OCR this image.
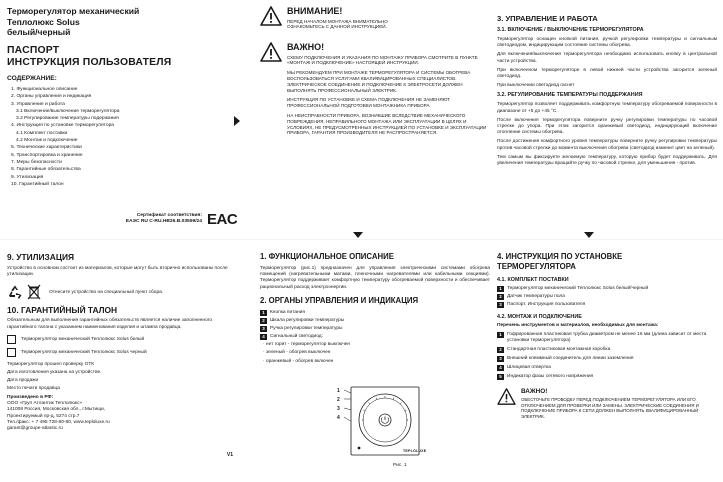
Терморегулятор механический
Теплолюкс Solus
белый/черный
ПАСПОРТ
ИНСТРУКЦИЯ ПОЛЬЗОВАТЕЛЯ
СОДЕРЖАНИЕ:
1. Функциональное описание
2. Органы управления и индикация
3. Управление и работа
3.1 Включение/выключение терморегулятора
3.2 Регулирование температуры подержания
4. Инструкция по установке терморегулятора
4.1 Комплект поставки
4.2 Монтаж и подключение
5. Технические характеристики
6. Транспортировка и хранение
7. Меры безопасности
8. Гарантийные обязательства
9. Утилизация
10. Гарантийный талон
Сертификат соответствия:
ЕАЭС RU C-RU.НВ26.В.03559/24 EAC
ВНИМАНИЕ!
ПЕРЕД НАЧАЛОМ МОНТАЖА ВНИМАТЕЛЬНО ОЗНАКОМЬТЕСЬ С ДАННОЙ ИНСТРУКЦИЕЙ.
ВАЖНО!
СХЕМУ ПОДКЛЮЧЕНИЯ И УКАЗАНИЯ ПО МОНТАЖУ ПРИБОРА СМОТРИТЕ В ПУНКТЕ «МОНТАЖ И ПОДКЛЮЧЕНИЕ» НАСТОЯЩЕЙ ИНСТРУКЦИИ.
МЫ РЕКОМЕНДУЕМ ПРИ МОНТАЖЕ ТЕРМОРЕГУЛЯТОРА И СИСТЕМЫ ОБОГРЕВА ВОСПОЛЬЗОВАТЬСЯ УСЛУГАМИ КВАЛИФИЦИРОВАННЫХ СПЕЦИАЛИСТОВ. ЭЛЕКТРИЧЕСКОЕ СОЕДИНЕНИЕ И ПОДКЛЮЧЕНИЕ К ЭЛЕКТРОСЕТИ ДОЛЖЕН ВЫПОЛНЯТЬ ПРОФЕССИОНАЛЬНЫЙ ЭЛЕКТРИК.
ИНСТРУКЦИЯ ПО УСТАНОВКЕ И СХЕМА ПОДКЛЮЧЕНИЯ НЕ ЗАМЕНЯЮТ ПРОФЕССИОНАЛЬНОЙ ПОДГОТОВКИ МОНТАЖНИКА ПРИБОРА.
НА НЕИСПРАВНОСТИ ПРИБОРА, ВОЗНИКШИЕ ВСЛЕДСТВИЕ МЕХАНИЧЕСКОГО ПОВРЕЖДЕНИЯ, НЕПРАВИЛЬНОГО МОНТАЖА ИЛИ ЭКСПЛУАТАЦИИ В ЦЕЛЯХ И УСЛОВИЯХ, НЕ ПРЕДУСМОТРЕННЫХ ИНСТРУКЦИЕЙ ПО УСТАНОВКЕ И ЭКСПЛУАТАЦИИ ПРИБОРА, ГАРАНТИЯ ПРОИЗВОДИТЕЛЯ НЕ РАСПРОСТРАНЯЕТСЯ.
3. УПРАВЛЕНИЕ И РАБОТА
3.1. ВКЛЮЧЕНИЕ / ВЫКЛЮЧЕНИЕ ТЕРМОРЕГУЛЯТОРА
Терморегулятор оснащен кнопкой питания, ручкой регулировки температуры и сигнальным светодиодом, индицирующим состояние системы обогрева.
Для включения/выключения терморегулятора необходимо использовать кнопку в центральной части устройства.
При включенном терморегуляторе в левой нижней части устройства загорится зеленый светодиод.
При выключении светодиод гаснет
3.2. РЕГУЛИРОВАНИЕ ТЕМПЕРАТУРЫ ПОДДЕРЖАНИЯ
Терморегулятор позволяет поддерживать комфортную температуру обогреваемой поверхности в диапазоне от +5 до +45 °С.
После включения терморегулятора поверните ручку регулировки температуры по часовой стрелке до упора. При этом загорится оранжевый светодиод, индицирующий включение отопление системы обогрева.
После достижения комфортного уровня температуры поверните ручку регулировки температуры против часовой стрелки до момента выключения обогрева (светодиод изменит цвет на зеленый).
Тем самым вы фиксируете желаемую температуру, которую прибор будет поддерживать. Для увеличения температуры вращайте ручку по часовой стрелке, для уменьшения - против.
9. УТИЛИЗАЦИЯ
Устройство в основном состоит из материалов, которые могут быть вторично использованы после утилизации.
Отнесите устройство на специальный пункт сбора.
10. ГАРАНТИЙНЫЙ ТАЛОН
Обязательным для выполнения гарантийных обязательств является наличие заполненного гарантийного талона с указанием наименования изделия и штампа продавца.
Терморегулятор механический Теплолюкс Solus белый
Терморегулятор механический Теплолюкс Solus черный
Терморегулятор прошел проверку ОТК
Дата изготовления указана на устройстве.
Дата продажи
Место печати продавца
Произведено в РФ:
ООО «Груп Атлантик Теплолюкс»
141008 Россия, Московская обл., г.Мытищи,
Проектируемый пр-д, 5274 стр.7
Тел./факс: + 7 495 728-80-80, www.teploluxe.ru
garant@groupe-atlantic.ru
V1
1. ФУНКЦИОНАЛЬНОЕ ОПИСАНИЕ
Терморегулятор (рис.1) предназначен для управления электрическими системами обогрева помещений (нагревательными матами, пленочными нагревателями или кабельными секциями). Терморегулятор поддерживает комфортную температуру обогреваемой поверхности и обеспечивает рациональный расход электроэнергии.
2. ОРГАНЫ УПРАВЛЕНИЯ И ИНДИКАЦИЯ
1	Кнопка питания
2	Шкала регулировки температуры
3	Ручка регулировки температуры
4	Сигнальный светодиод:
· нет горит - терморегулятор выключен
· зеленый - обогрев выключен
· оранжевый - обогрев включен
1
2
3
4
TEPLOLUXE
Рис. 1
4. ИНСТРУКЦИЯ ПО УСТАНОВКЕ
ТЕРМОРЕГУЛЯТОРА
4.1. КОМПЛЕКТ ПОСТАВКИ
1	Терморегулятор механический Теплолюкс Solus белый/черный
2	Датчик температуры пола
3	Паспорт. Инструкция пользователя
4.2. МОНТАЖ И ПОДКЛЮЧЕНИЕ
Перечень инструментов и материалов, необходимых для монтажа:
1	Гофрированная пластиковая трубка диаметром не менее 16 мм (длина зависит от места установки терморегулятора)
2	Стандартная пластиковая монтажная коробка
3	Внешний клеммный соединитель для линии заземления
4	Шлицевая отвертка
5	Индикатор фазы сетевого напряжения
ВАЖНО!
ОБЕСТОЧЬТЕ ПРОВОДКУ ПЕРЕД ПОДКЛЮЧЕНИЕМ ТЕРМОРЕГУЛЯТОРА ИЛИ ЕГО ОТКЛЮЧЕНИЕМ ДЛЯ ПРОВЕРКИ ИЛИ ЗАМЕНЫ. ЭЛЕКТРИЧЕСКИЕ СОЕДИНЕНИЯ И ПОДКЛЮЧЕНИЕ ПРИБОРА К СЕТИ ДОЛЖЕН ВЫПОЛНЯТЬ КВАЛИФИЦИРОВАННЫЙ ЭЛЕКТРИК.
